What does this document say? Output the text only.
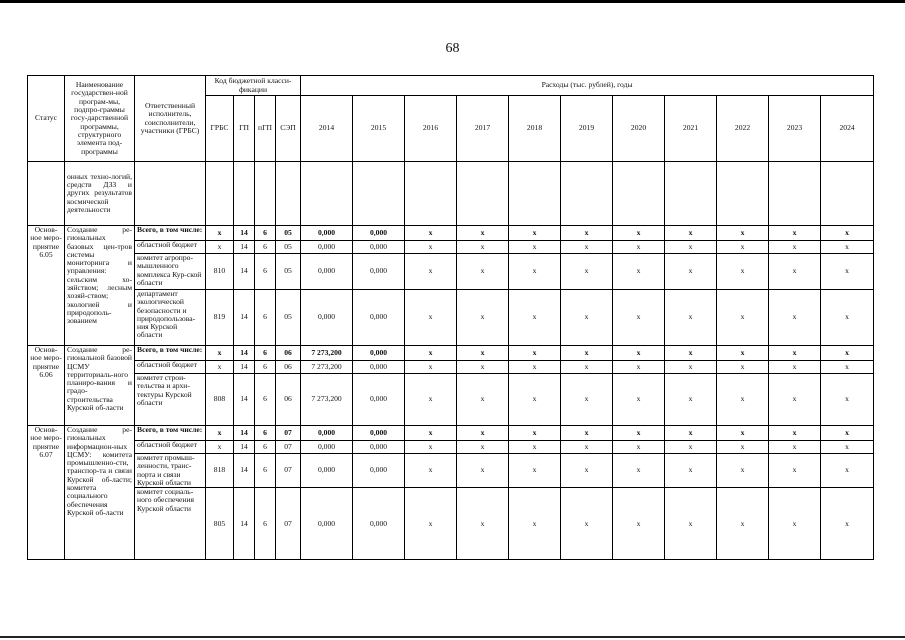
68
Статус	Наименование государствен-ной програм-мы, подпро-граммы госу-дарственной программы, структурного элемента под-программы	Ответственный исполнитель, соисполнители, участники (ГРБС)	Код бюджетной класси-фикации				Расходы (тыс. рублей), годы										
			ГРБС	ГП	пГП	СЭП	2014	2015	2016	2017	2018	2019	2020	2021	2022	2023	2024
	онных техно-логий, средств ДЗЗ и других результатов космической деятельности																
Основ-ное меро-приятие 6.05	Создание ре-гиональных базовых цен-тров системы мониторинга и управления: сельским хо-зяйством; лесным хозяй-ством; экологией и природополь-зованием	Всего, в том числе:	х	14	6	05	0,000	0,000	х	х	х	х	х	х	х	х	х
		областной бюджет	х	14	6	05	0,000	0,000	х	х	х	х	х	х	х	х	х
		комитет агропро-мышленного комплекса Кур-ской области	810	14	6	05	0,000	0,000	х	х	х	х	х	х	х	х	х
		департамент экологической безопасности и природопользова-ния Курской области	819	14	6	05	0,000	0,000	х	х	х	х	х	х	х	х	х
Основ-ное меро-приятие 6.06	Создание ре-гиональной базовой ЦСМУ территориаль-ного планиро-вания и градо-строительства Курской об-ласти	Всего, в том числе:	х	14	6	06	7 273,200	0,000	х	х	х	х	х	х	х	х	х
		областной бюджет	х	14	6	06	7 273,200	0,000	х	х	х	х	х	х	х	х	х
		комитет строи-тельства и архи-тектуры Курской области	808	14	6	06	7 273,200	0,000	х	х	х	х	х	х	х	х	х
Основ-ное меро-приятие 6.07	Создание ре-гиональных информацион-ных ЦСМУ: комитета промышленно-сти, транспор-та и связи Курской об-ласти; комитета социального обеспечения Курской об-ласти	Всего, в том числе:	х	14	6	07	0,000	0,000	х	х	х	х	х	х	х	х	х
		областной бюджет	х	14	6	07	0,000	0,000	х	х	х	х	х	х	х	х	х
		комитет промыш-ленности, транс-порта и связи Курской области	818	14	6	07	0,000	0,000	х	х	х	х	х	х	х	х	х
		комитет социаль-ного обеспечения Курской области	805	14	6	07	0,000	0,000	х	х	х	х	х	х	х	х	х
